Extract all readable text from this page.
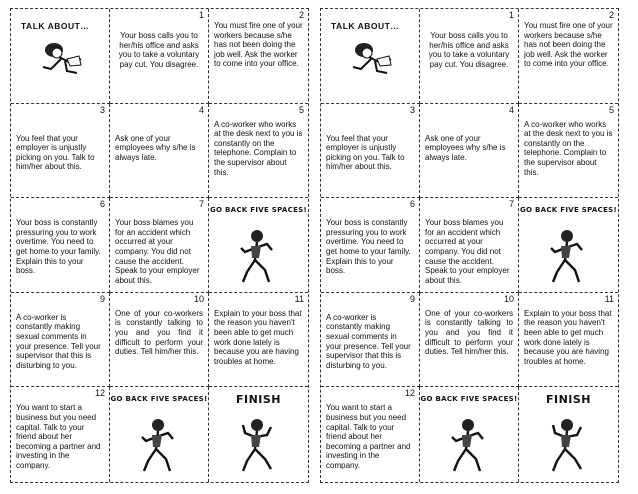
TALK ABOUT…
1
Your boss calls you to her/his office and asks you to take a voluntary pay cut. You disagree.
2
You must fire one of your workers because s/he has not been doing the job well. Ask the worker to come into your office.
3
You feel that your employer is unjustly picking on you. Talk to him/her about this.
4
Ask one of your employees why s/he is always late.
5
A co-worker who works at the desk next to you is constantly on the telephone. Complain to the supervisor about this.
6
Your boss is constantly pressuring you to work overtime. You need to get home to your family. Explain this to your boss.
7
Your boss blames you for an accident which occurred at your company. You did not cause the accident. Speak to your employer about this.
GO BACK FIVE SPACES!
9
A co-worker is constantly making sexual comments in your presence. Tell your supervisor that this is disturbing to you.
10
One of your co-workers is constantly talking to you and you find it difficult to perform your duties. Tell him/her this.
11
Explain to your boss that the reason you haven't been able to get much work done lately is because you are having troubles at home.
12
You want to start a business but you need capital. Talk to your friend about her becoming a partner and investing in the company.
GO BACK FIVE SPACES!	FINISH
TALK ABOUT…
1
Your boss calls you to her/his office and asks you to take a voluntary pay cut. You disagree.
2
You must fire one of your workers because s/he has not been doing the job well. Ask the worker to come into your office.
3
You feel that your employer is unjustly picking on you. Talk to him/her about this.
4
Ask one of your employees why s/he is always late.
5
A co-worker who works at the desk next to you is constantly on the telephone. Complain to the supervisor about this.
6
Your boss is constantly pressuring you to work overtime. You need to get home to your family. Explain this to your boss.
7
Your boss blames you for an accident which occurred at your company. You did not cause the accident. Speak to your employer about this.
GO BACK FIVE SPACES!
9
A co-worker is constantly making sexual comments in your presence. Tell your supervisor that this is disturbing to you.
10
One of your co-workers is constantly talking to you and you find it difficult to perform your duties. Tell him/her this.
11
Explain to your boss that the reason you haven't been able to get much work done lately is because you are having troubles at home.
12
You want to start a business but you need capital. Talk to your friend about her becoming a partner and investing in the company.
GO BACK FIVE SPACES!	FINISH
